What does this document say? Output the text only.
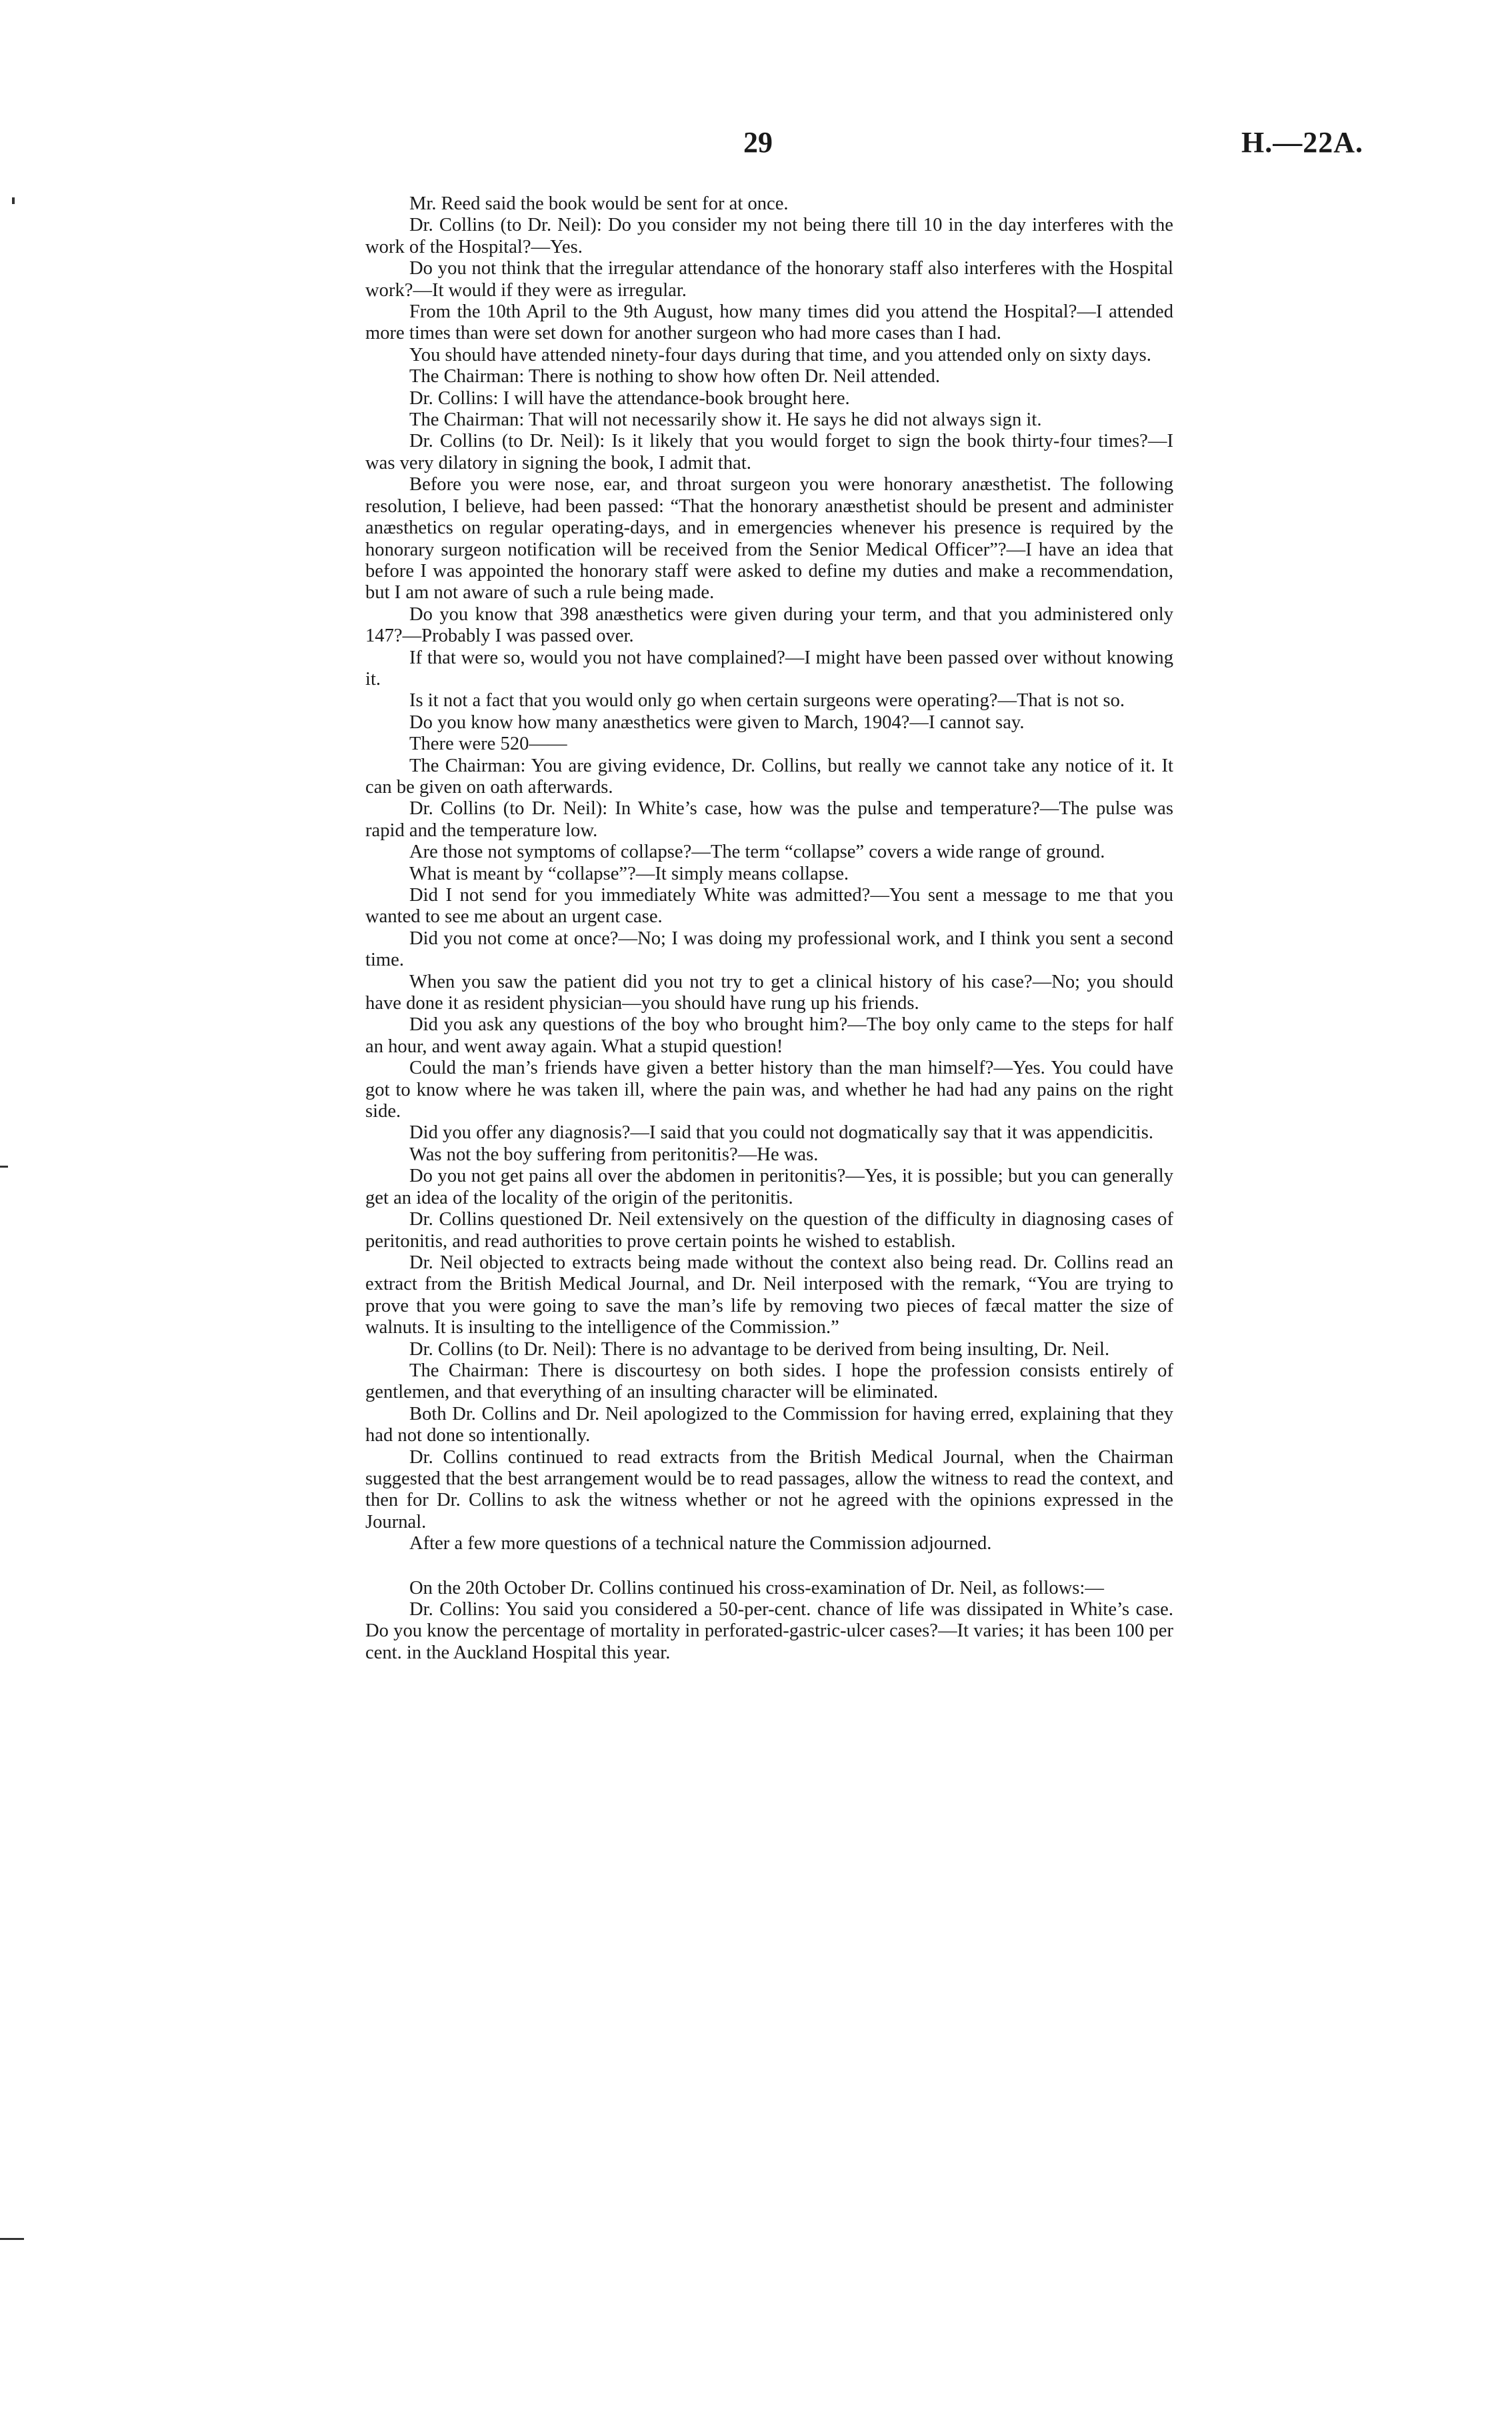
29	H.—22A.

Mr. Reed said the book would be sent for at once.

Dr. Collins (to Dr. Neil): Do you consider my not being there till 10 in the day interferes with the work of the Hospital?—Yes.

Do you not think that the irregular attendance of the honorary staff also interferes with the Hospital work?—It would if they were as irregular.

From the 10th April to the 9th August, how many times did you attend the Hospital?—I attended more times than were set down for another surgeon who had more cases than I had.

You should have attended ninety-four days during that time, and you attended only on sixty days.

The Chairman: There is nothing to show how often Dr. Neil attended.

Dr. Collins: I will have the attendance-book brought here.

The Chairman: That will not necessarily show it. He says he did not always sign it.

Dr. Collins (to Dr. Neil): Is it likely that you would forget to sign the book thirty-four times?—I was very dilatory in signing the book, I admit that.

Before you were nose, ear, and throat surgeon you were honorary anæsthetist. The following resolution, I believe, had been passed: “That the honorary anæsthetist should be present and administer anæsthetics on regular operating-days, and in emergencies whenever his presence is required by the honorary surgeon notification will be received from the Senior Medical Officer”?—I have an idea that before I was appointed the honorary staff were asked to define my duties and make a recommendation, but I am not aware of such a rule being made.

Do you know that 398 anæsthetics were given during your term, and that you administered only 147?—Probably I was passed over.

If that were so, would you not have complained?—I might have been passed over without knowing it.

Is it not a fact that you would only go when certain surgeons were operating?—That is not so.

Do you know how many anæsthetics were given to March, 1904?—I cannot say.

There were 520——

The Chairman: You are giving evidence, Dr. Collins, but really we cannot take any notice of it. It can be given on oath afterwards.

Dr. Collins (to Dr. Neil): In White’s case, how was the pulse and temperature?—The pulse was rapid and the temperature low.

Are those not symptoms of collapse?—The term “collapse” covers a wide range of ground.

What is meant by “collapse”?—It simply means collapse.

Did I not send for you immediately White was admitted?—You sent a message to me that you wanted to see me about an urgent case.

Did you not come at once?—No; I was doing my professional work, and I think you sent a second time.

When you saw the patient did you not try to get a clinical history of his case?—No; you should have done it as resident physician—you should have rung up his friends.

Did you ask any questions of the boy who brought him?—The boy only came to the steps for half an hour, and went away again. What a stupid question!

Could the man’s friends have given a better history than the man himself?—Yes. You could have got to know where he was taken ill, where the pain was, and whether he had had any pains on the right side.

Did you offer any diagnosis?—I said that you could not dogmatically say that it was appendicitis.

Was not the boy suffering from peritonitis?—He was.

Do you not get pains all over the abdomen in peritonitis?—Yes, it is possible; but you can generally get an idea of the locality of the origin of the peritonitis.

Dr. Collins questioned Dr. Neil extensively on the question of the difficulty in diagnosing cases of peritonitis, and read authorities to prove certain points he wished to establish.

Dr. Neil objected to extracts being made without the context also being read. Dr. Collins read an extract from the British Medical Journal, and Dr. Neil interposed with the remark, “You are trying to prove that you were going to save the man’s life by removing two pieces of fæcal matter the size of walnuts. It is insulting to the intelligence of the Commission.”

Dr. Collins (to Dr. Neil): There is no advantage to be derived from being insulting, Dr. Neil.

The Chairman: There is discourtesy on both sides. I hope the profession consists entirely of gentlemen, and that everything of an insulting character will be eliminated.

Both Dr. Collins and Dr. Neil apologized to the Commission for having erred, explaining that they had not done so intentionally.

Dr. Collins continued to read extracts from the British Medical Journal, when the Chairman suggested that the best arrangement would be to read passages, allow the witness to read the context, and then for Dr. Collins to ask the witness whether or not he agreed with the opinions expressed in the Journal.

After a few more questions of a technical nature the Commission adjourned.

On the 20th October Dr. Collins continued his cross-examination of Dr. Neil, as follows:—

Dr. Collins: You said you considered a 50-per-cent. chance of life was dissipated in White’s case. Do you know the percentage of mortality in perforated-gastric-ulcer cases?—It varies; it has been 100 per cent. in the Auckland Hospital this year.
